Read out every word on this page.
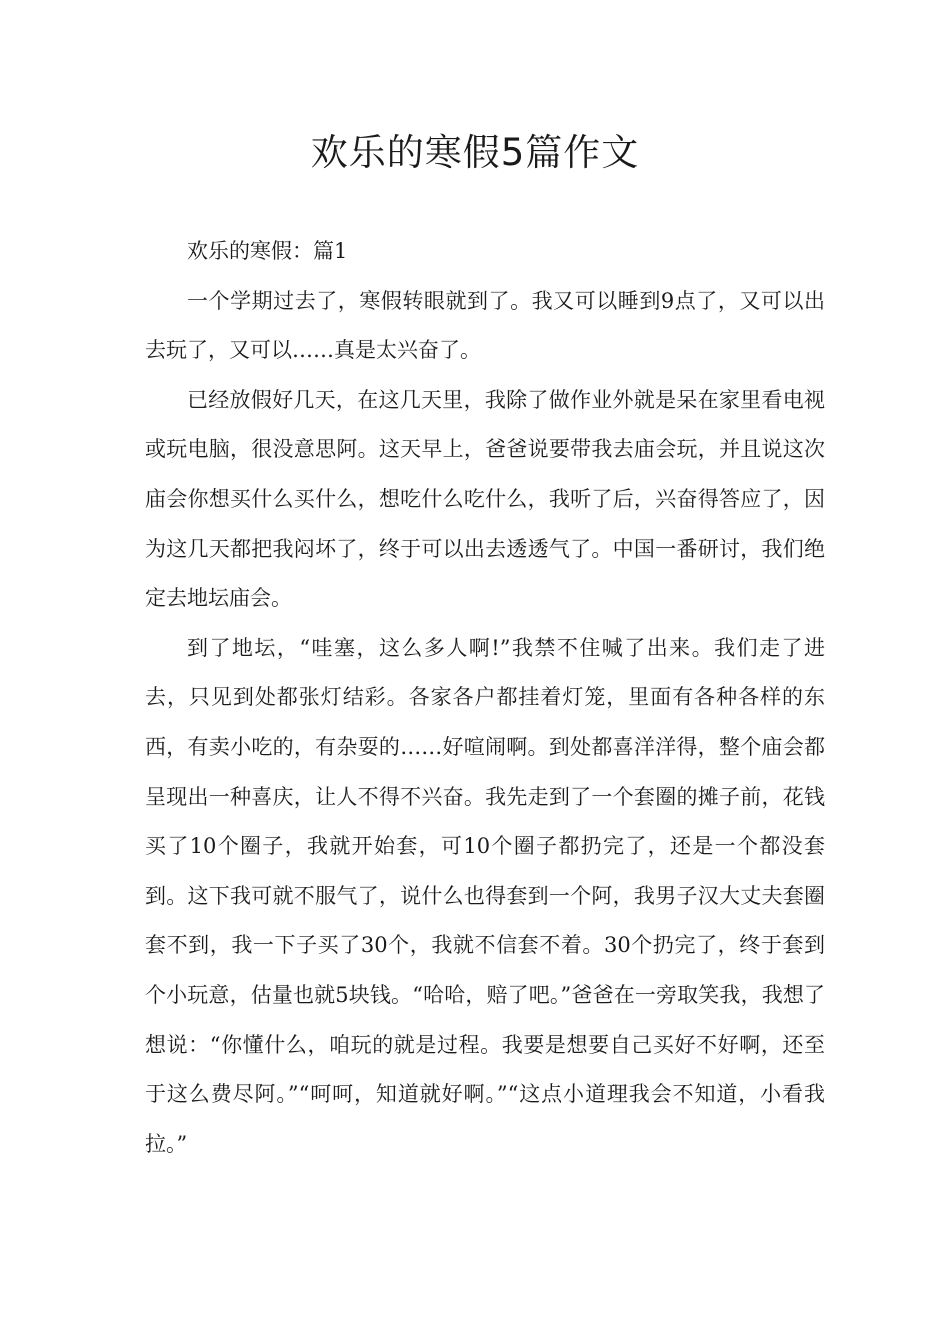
欢乐的寒假5篇作文

欢乐的寒假：篇1

一个学期过去了，寒假转眼就到了。我又可以睡到9点了，又可以出去玩了，又可以……真是太兴奋了。

已经放假好几天，在这几天里，我除了做作业外就是呆在家里看电视或玩电脑，很没意思阿。这天早上，爸爸说要带我去庙会玩，并且说这次庙会你想买什么买什么，想吃什么吃什么，我听了后，兴奋得答应了，因为这几天都把我闷坏了，终于可以出去透透气了。中国一番研讨，我们绝定去地坛庙会。

到了地坛，“哇塞，这么多人啊!”我禁不住喊了出来。我们走了进去，只见到处都张灯结彩。各家各户都挂着灯笼，里面有各种各样的东西，有卖小吃的，有杂耍的……好喧闹啊。到处都喜洋洋得，整个庙会都呈现出一种喜庆，让人不得不兴奋。我先走到了一个套圈的摊子前，花钱买了10个圈子，我就开始套，可10个圈子都扔完了，还是一个都没套到。这下我可就不服气了，说什么也得套到一个阿，我男子汉大丈夫套圈套不到，我一下子买了30个，我就不信套不着。30个扔完了，终于套到个小玩意，估量也就5块钱。“哈哈，赔了吧。”爸爸在一旁取笑我，我想了想说：“你懂什么，咱玩的就是过程。我要是想要自己买好不好啊，还至于这么费尽阿。”“呵呵，知道就好啊。”“这点小道理我会不知道，小看我拉。”
